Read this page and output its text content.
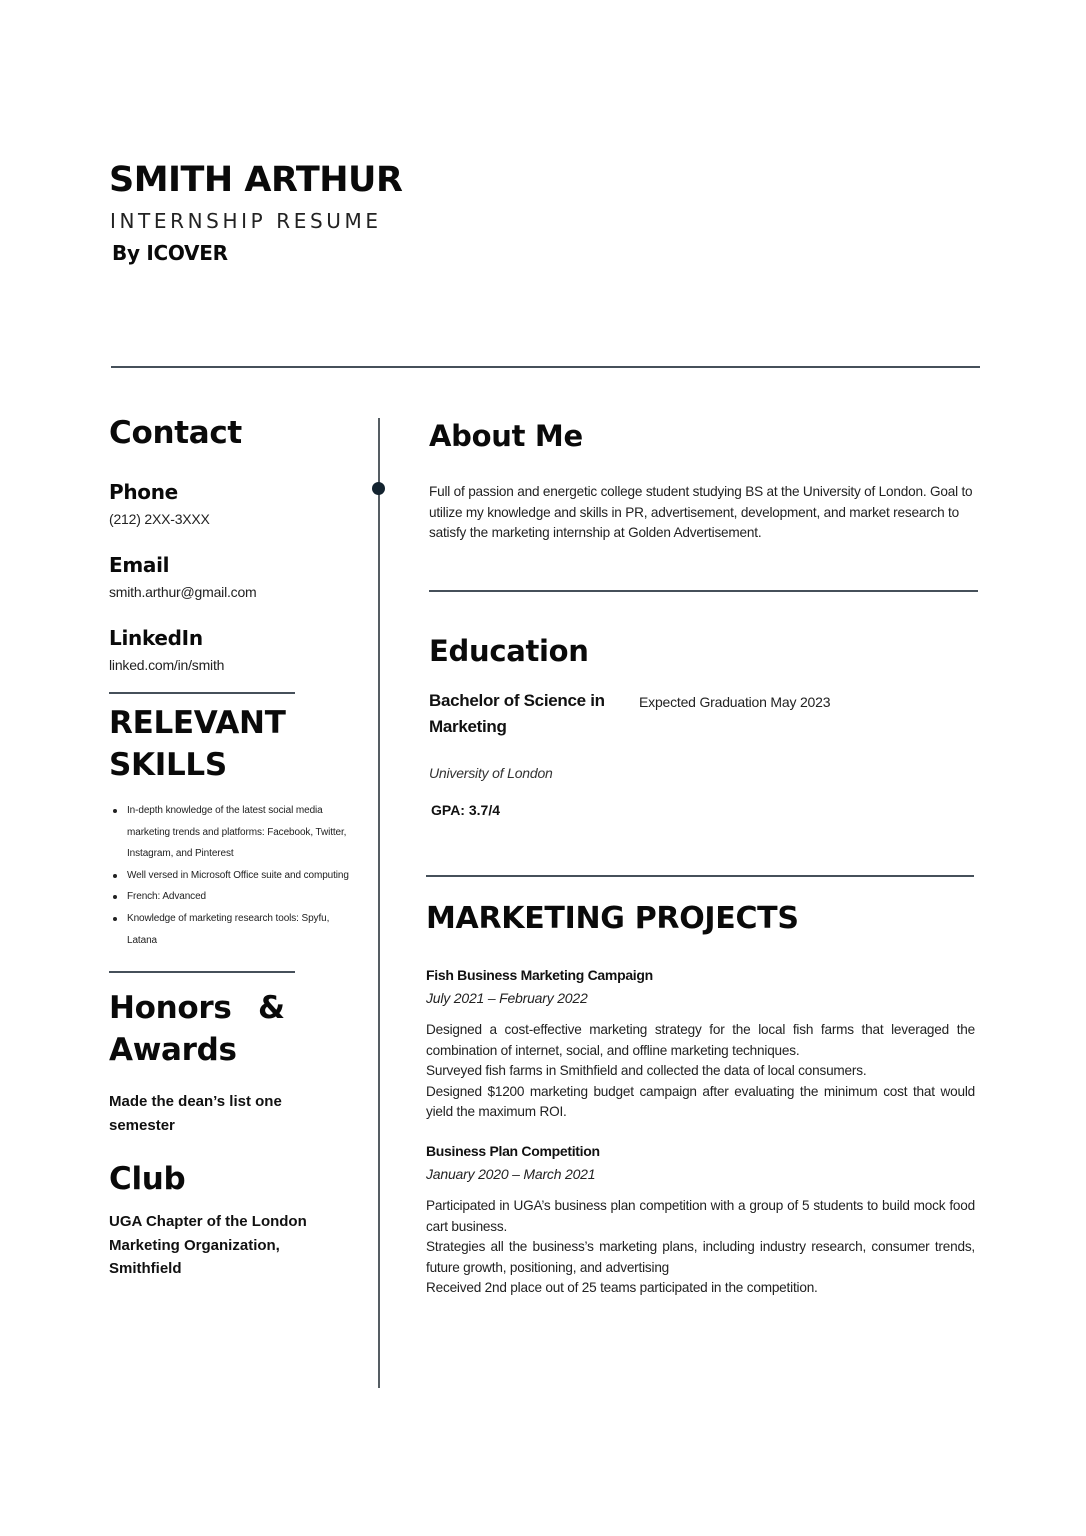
SMITH ARTHUR
INTERNSHIP RESUME
By ICOVER
Contact
Phone
(212) 2XX-3XXX
Email
smith.arthur@gmail.com
LinkedIn
linked.com/in/smith
RELEVANT SKILLS
In-depth knowledge of the latest social media marketing trends and platforms: Facebook, Twitter, Instagram, and Pinterest
Well versed in Microsoft Office suite and computing
French: Advanced
Knowledge of marketing research tools: Spyfu, Latana
Honors &

Awards
Made the dean’s list one semester
Club
UGA Chapter of the London Marketing Organization, Smithfield
About Me
Full of passion and energetic college student studying BS at the University of London. Goal to utilize my knowledge and skills in PR, advertisement, development, and market research to satisfy the marketing internship at Golden Advertisement.
Education
Bachelor of Science in Marketing
Expected Graduation May 2023
University of London
GPA: 3.7/4
MARKETING PROJECTS
Fish Business Marketing Campaign
July 2021 – February 2022

Designed a cost-effective marketing strategy for the local fish farms that leveraged the combination of internet, social, and offline marketing techniques.

Surveyed fish farms in Smithfield and collected the data of local consumers.

Designed $1200 marketing budget campaign after evaluating the minimum cost that would yield the maximum ROI.

Business Plan Competition
January 2020 – March 2021

Participated in UGA’s business plan competition with a group of 5 students to build mock food cart business.

Strategies all the business’s marketing plans, including industry research, consumer trends, future growth, positioning, and advertising

Received 2nd place out of 25 teams participated in the competition.
